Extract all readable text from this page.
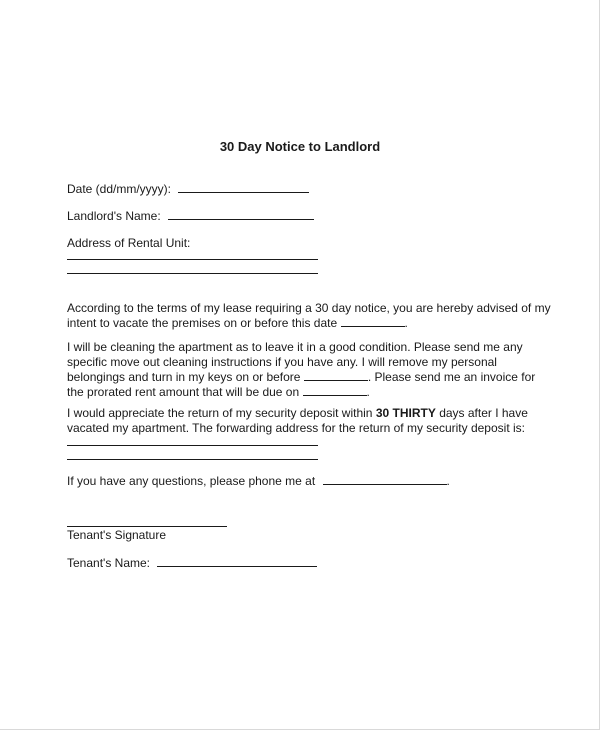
30 Day Notice to Landlord
Date (dd/mm/yyyy):
Landlord's Name:
Address of Rental Unit:
According to the terms of my lease requiring a 30 day notice, you are hereby advised of my
intent to vacate the premises on or before this date	.
I will be cleaning the apartment as to leave it in a good condition. Please send me any
specific move out cleaning instructions if you have any. I will remove my personal
belongings and turn in my keys on or before	. Please send me an invoice for
the prorated rent amount that will be due on	.
I would appreciate the return of my security deposit within 30 THIRTY days after I have
vacated my apartment. The forwarding address for the return of my security deposit is:
If you have any questions, please phone me at	.
Tenant's Signature
Tenant's Name:
